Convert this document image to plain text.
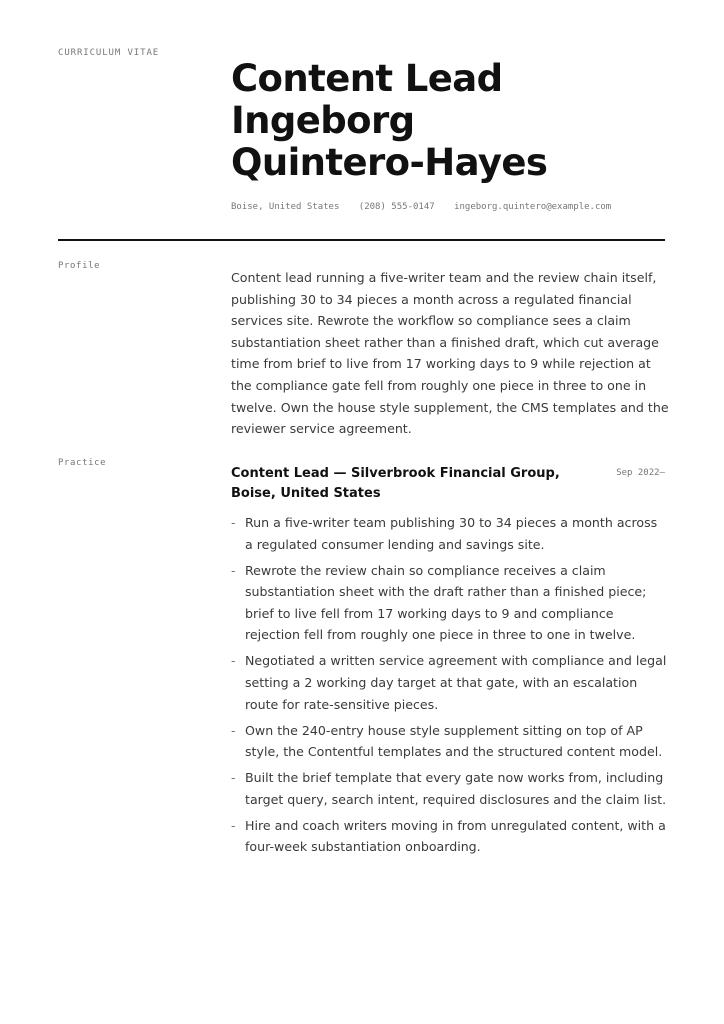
CURRICULUM VITAE
Content Lead
Ingeborg
Quintero-Hayes
Boise, United States (208) 555-0147 ingeborg.quintero@example.com
Profile

Content lead running a five-writer team and the review chain itself, publishing 30 to 34 pieces a month across a regulated financial services site. Rewrote the workflow so compliance sees a claim substantiation sheet rather than a finished draft, which cut average time from brief to live from 17 working days to 9 while rejection at the compliance gate fell from roughly one piece in three to one in twelve. Own the house style supplement, the CMS templates and the reviewer service agreement.

Practice
Content Lead — Silverbrook Financial Group, Boise, United States
Sep 2022–
- Run a five-writer team publishing 30 to 34 pieces a month across a regulated consumer lending and savings site.
- Rewrote the review chain so compliance receives a claim substantiation sheet with the draft rather than a finished piece; brief to live fell from 17 working days to 9 and compliance rejection fell from roughly one piece in three to one in twelve.
- Negotiated a written service agreement with compliance and legal setting a 2 working day target at that gate, with an escalation route for rate-sensitive pieces.
- Own the 240-entry house style supplement sitting on top of AP style, the Contentful templates and the structured content model.
- Built the brief template that every gate now works from, including target query, search intent, required disclosures and the claim list.
- Hire and coach writers moving in from unregulated content, with a four-week substantiation onboarding.
